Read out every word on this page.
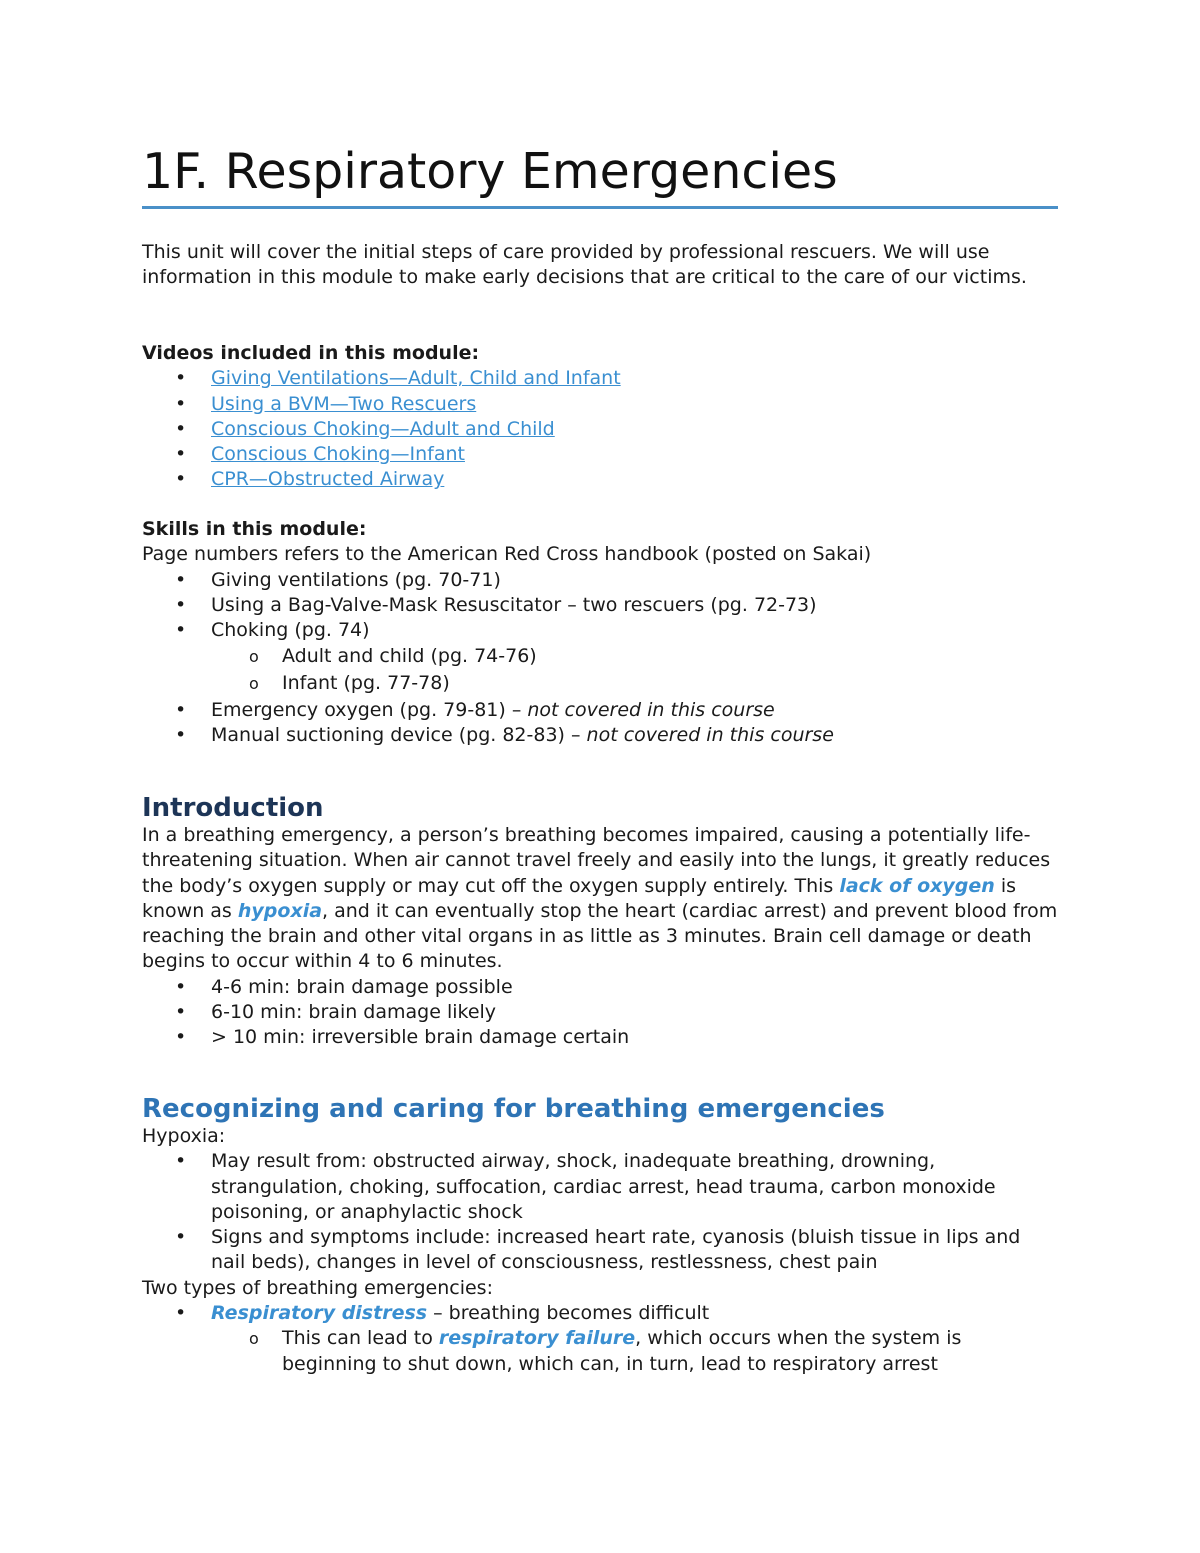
1F. Respiratory Emergencies

This unit will cover the initial steps of care provided by professional rescuers. We will use information in this module to make early decisions that are critical to the care of our victims.

Videos included in this module:

• Giving Ventilations—Adult, Child and Infant
• Using a BVM—Two Rescuers
• Conscious Choking—Adult and Child
• Conscious Choking—Infant
• CPR—Obstructed Airway

Skills in this module:

Page numbers refers to the American Red Cross handbook (posted on Sakai)

• Giving ventilations (pg. 70-71)
• Using a Bag-Valve-Mask Resuscitator – two rescuers (pg. 72-73)
• Choking (pg. 74)
o Adult and child (pg. 74-76)
o Infant (pg. 77-78)
• Emergency oxygen (pg. 79-81) – not covered in this course
• Manual suctioning device (pg. 82-83) – not covered in this course
Introduction

In a breathing emergency, a person’s breathing becomes impaired, causing a potentially life-threatening situation. When air cannot travel freely and easily into the lungs, it greatly reduces the body’s oxygen supply or may cut off the oxygen supply entirely. This lack of oxygen is known as hypoxia, and it can eventually stop the heart (cardiac arrest) and prevent blood from reaching the brain and other vital organs in as little as 3 minutes. Brain cell damage or death begins to occur within 4 to 6 minutes.

• 4-6 min: brain damage possible
• 6-10 min: brain damage likely
• > 10 min: irreversible brain damage certain
Recognizing and caring for breathing emergencies

Hypoxia:

• May result from: obstructed airway, shock, inadequate breathing, drowning, strangulation, choking, suffocation, cardiac arrest, head trauma, carbon monoxide poisoning, or anaphylactic shock
• Signs and symptoms include: increased heart rate, cyanosis (bluish tissue in lips and nail beds), changes in level of consciousness, restlessness, chest pain

Two types of breathing emergencies:

• Respiratory distress – breathing becomes difficult
o This can lead to respiratory failure, which occurs when the system is beginning to shut down, which can, in turn, lead to respiratory arrest
